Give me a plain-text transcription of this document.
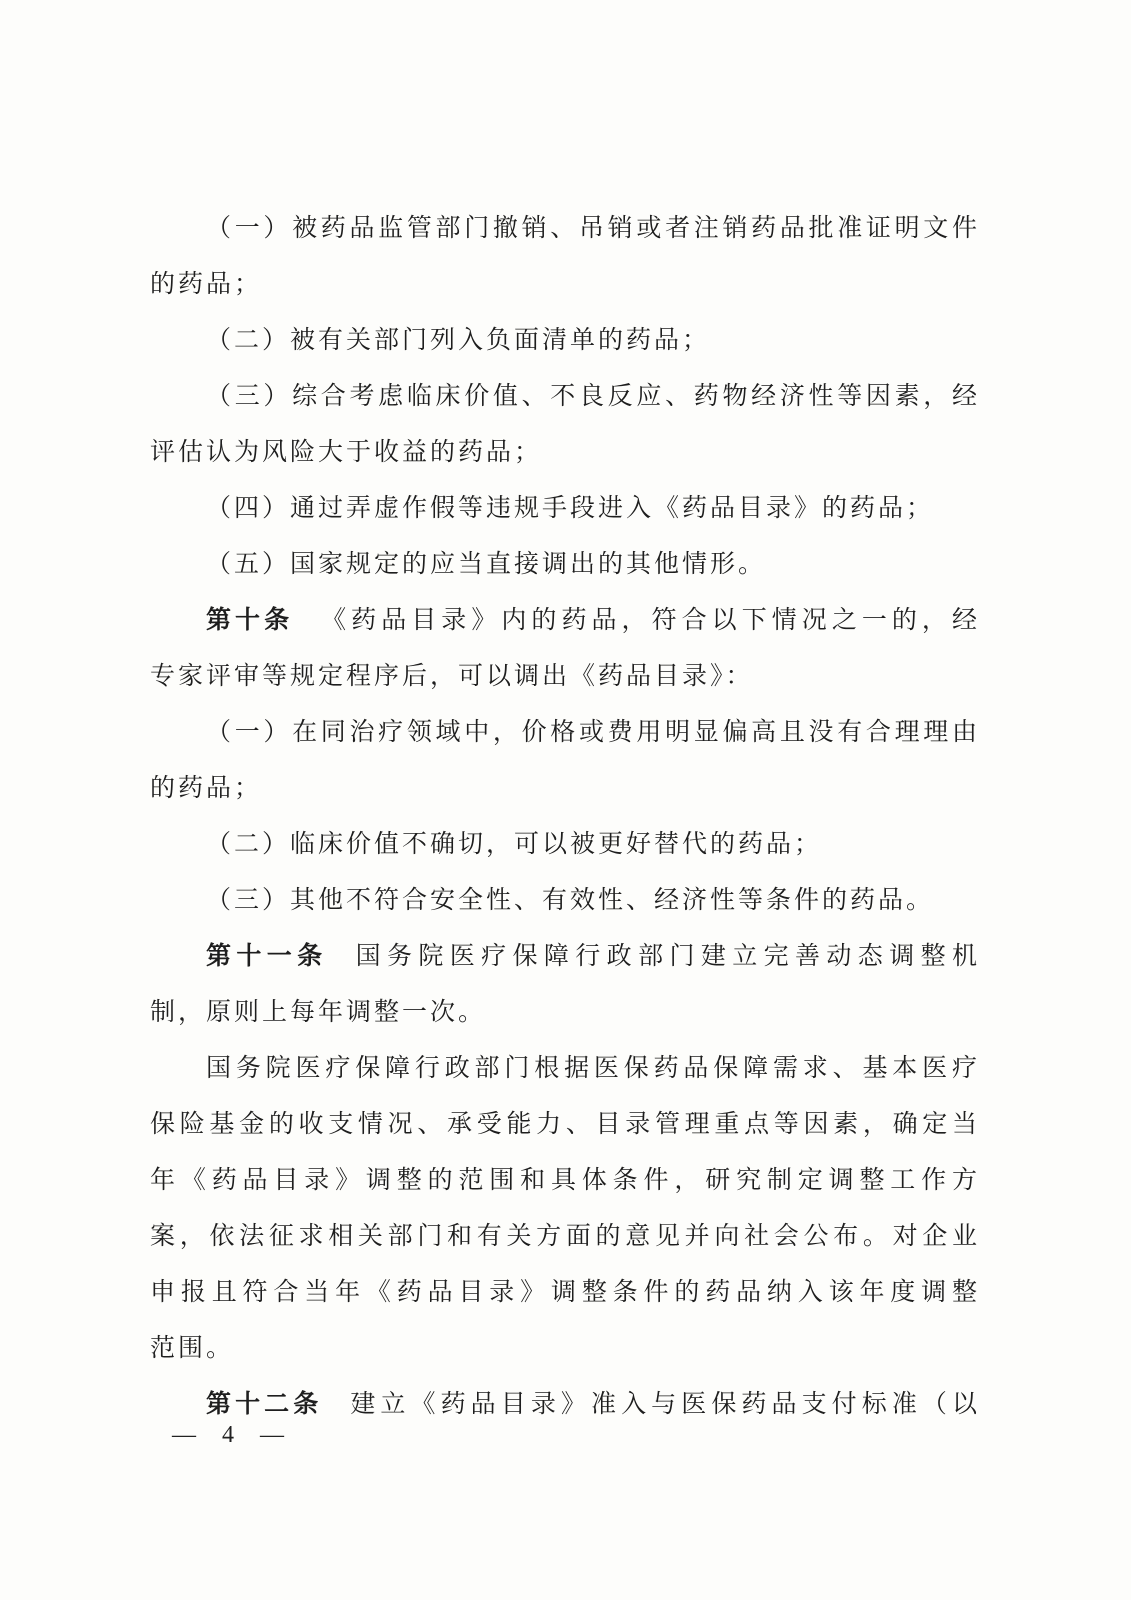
（一）被药品监管部门撤销、吊销或者注销药品批准证明文件
的药品；
（二）被有关部门列入负面清单的药品；
（三）综合考虑临床价值、不良反应、药物经济性等因素，经
评估认为风险大于收益的药品；
（四）通过弄虚作假等违规手段进入《药品目录》的药品；
（五）国家规定的应当直接调出的其他情形。
第十条 《药品目录》内的药品，符合以下情况之一的，经
专家评审等规定程序后，可以调出《药品目录》：
（一）在同治疗领域中，价格或费用明显偏高且没有合理理由
的药品；
（二）临床价值不确切，可以被更好替代的药品；
（三）其他不符合安全性、有效性、经济性等条件的药品。
第十一条 国务院医疗保障行政部门建立完善动态调整机
制，原则上每年调整一次。
国务院医疗保障行政部门根据医保药品保障需求、基本医疗
保险基金的收支情况、承受能力、目录管理重点等因素，确定当
年《药品目录》调整的范围和具体条件，研究制定调整工作方
案，依法征求相关部门和有关方面的意见并向社会公布。对企业
申报且符合当年《药品目录》调整条件的药品纳入该年度调整
范围。
第十二条 建立《药品目录》准入与医保药品支付标准（以
— 4 —
